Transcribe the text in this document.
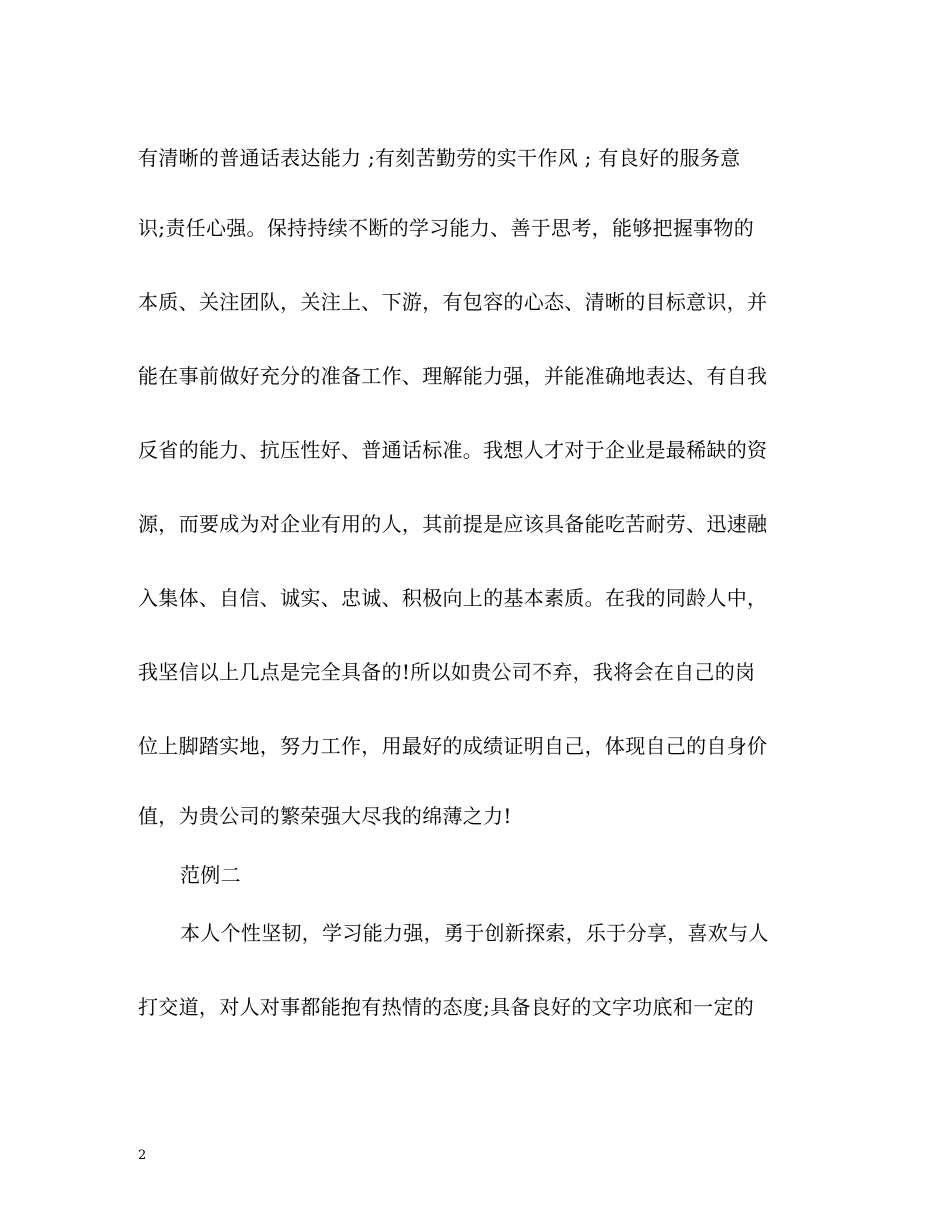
有清晰的普通话表达能力 ;有刻苦勤劳的实干作风 ; 有良好的服务意
识;责任心强。保持持续不断的学习能力、善于思考，能够把握事物的
本质、关注团队，关注上、下游，有包容的心态、清晰的目标意识，并
能在事前做好充分的准备工作、理解能力强，并能准确地表达、有自我
反省的能力、抗压性好、普通话标准。我想人才对于企业是最稀缺的资
源，而要成为对企业有用的人，其前提是应该具备能吃苦耐劳、迅速融
入集体、自信、诚实、忠诚、积极向上的基本素质。在我的同龄人中，
我坚信以上几点是完全具备的!所以如贵公司不弃，我将会在自己的岗
位上脚踏实地，努力工作，用最好的成绩证明自己，体现自己的自身价
值，为贵公司的繁荣强大尽我的绵薄之力!
范例二
本人个性坚韧，学习能力强，勇于创新探索，乐于分享，喜欢与人
打交道，对人对事都能抱有热情的态度;具备良好的文字功底和一定的
2
